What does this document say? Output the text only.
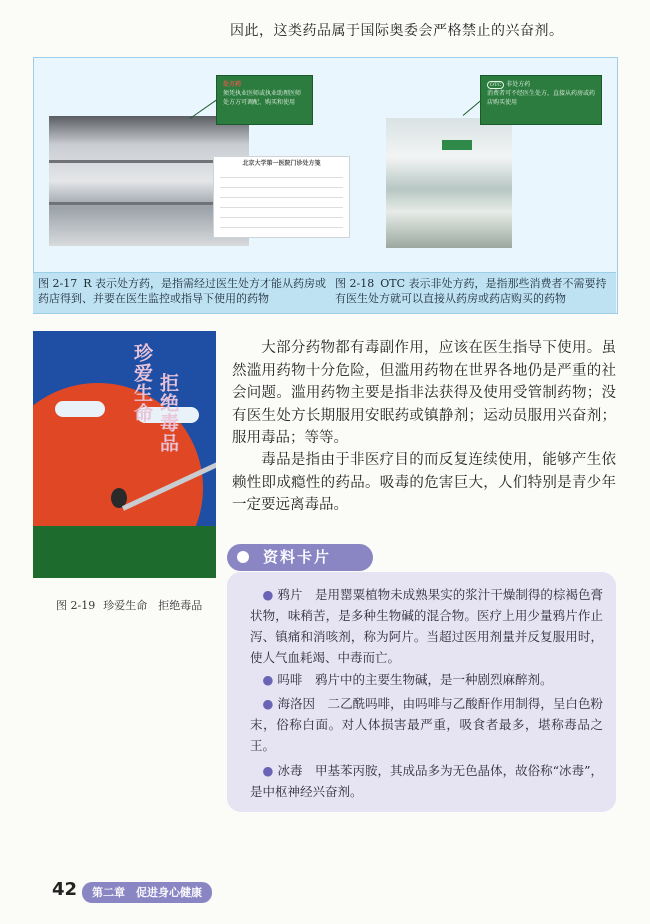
因此，这类药品属于国际奥委会严格禁止的兴奋剂。
北京大学第一医院门诊处方笺
处方药
须凭执业医师或执业助理医师处方方可调配、购买和使用
OTC 非处方药
消费者可不经医生处方，直接从药房或药店购买使用
图 2-17 R 表示处方药，是指需经过医生处方才能从药房或药店得到、并要在医生监控或指导下使用的药物
图 2-18 OTC 表示非处方药，是指那些消费者不需要持有医生处方就可以直接从药房或药店购买的药物
珍爱生命 拒绝毒品
图 2-19 珍爱生命　拒绝毒品
大部分药物都有毒副作用，应该在医生指导下使用。虽然滥用药物十分危险，但滥用药物在世界各地仍是严重的社会问题。滥用药物主要是指非法获得及使用受管制药物；没有医生处方长期服用安眠药或镇静剂；运动员服用兴奋剂；服用毒品；等等。
毒品是指由于非医疗目的而反复连续使用，能够产生依赖性即成瘾性的药品。吸毒的危害巨大，人们特别是青少年一定要远离毒品。
资料卡片
● 鸦片　 是用罂粟植物未成熟果实的浆汁干燥制得的棕褐色膏状物，味稍苦，是多种生物碱的混合物。医疗上用少量鸦片作止泻、镇痛和消咳剂，称为阿片。当超过医用剂量并反复服用时，使人气血耗竭、中毒而亡。
● 吗啡　 鸦片中的主要生物碱，是一种剧烈麻醉剂。
● 海洛因　 二乙酰吗啡，由吗啡与乙酸酐作用制得，呈白色粉末，俗称白面。对人体损害最严重，吸食者最多，堪称毒品之王。
● 冰毒　 甲基苯丙胺，其成品多为无色晶体，故俗称“冰毒”，是中枢神经兴奋剂。
42	第二章　促进身心健康
